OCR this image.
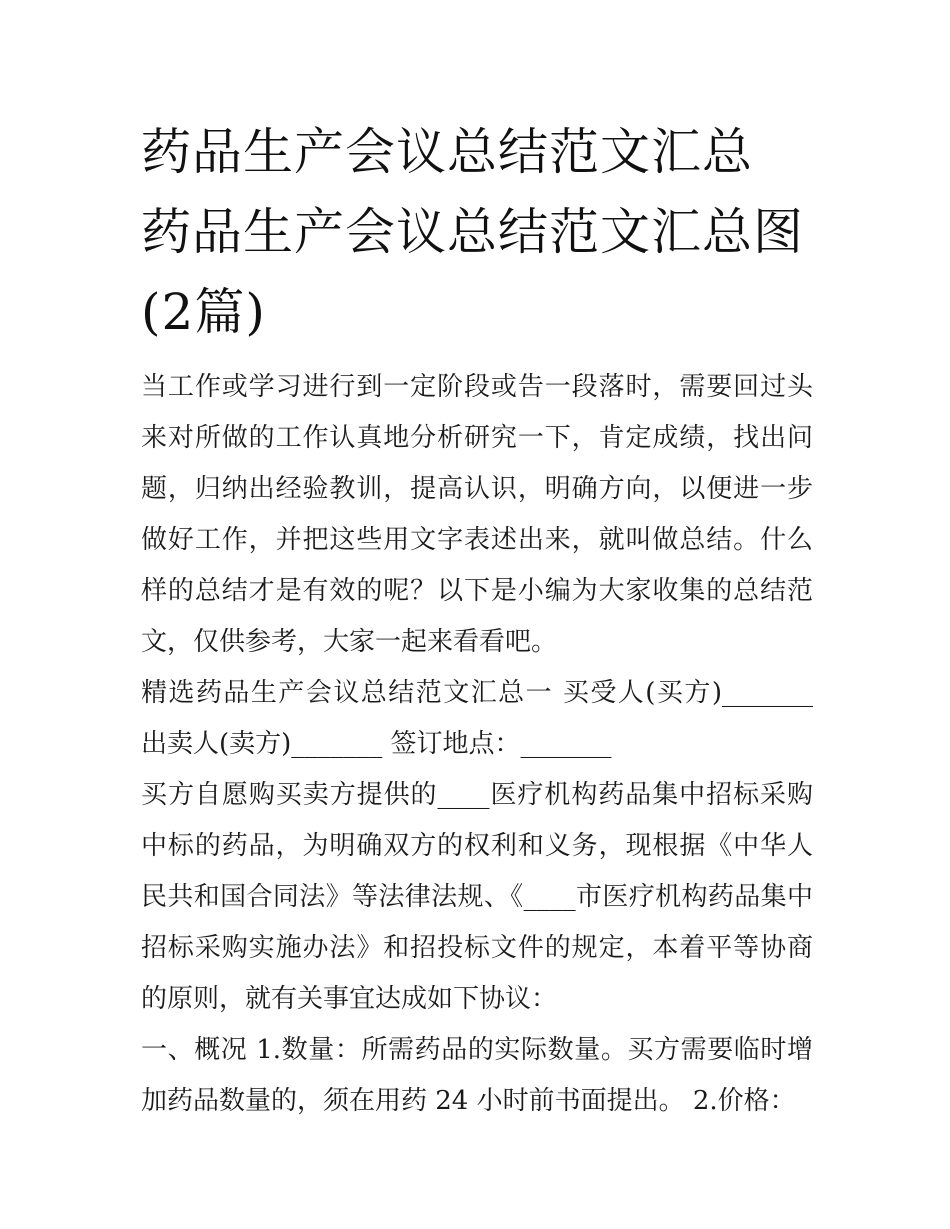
药品生产会议总结范文汇总 药品生产会议总结范文汇总图(2篇)

当工作或学习进行到一定阶段或告一段落时，需要回过头来对所做的工作认真地分析研究一下，肯定成绩，找出问题，归纳出经验教训，提高认识，明确方向，以便进一步做好工作，并把这些用文字表述出来，就叫做总结。什么样的总结才是有效的呢？以下是小编为大家收集的总结范文，仅供参考，大家一起来看看吧。

精选药品生产会议总结范文汇总一 买受人(买方)_______ 出卖人(卖方)_______ 签订地点：_______

买方自愿购买卖方提供的____医疗机构药品集中招标采购中标的药品，为明确双方的权利和义务，现根据《中华人民共和国合同法》等法律法规、《____市医疗机构药品集中招标采购实施办法》和招投标文件的规定，本着平等协商的原则，就有关事宜达成如下协议：

一、概况 1.数量：所需药品的实际数量。买方需要临时增加药品数量的，须在用药 24 小时前书面提出。 2.价格：
